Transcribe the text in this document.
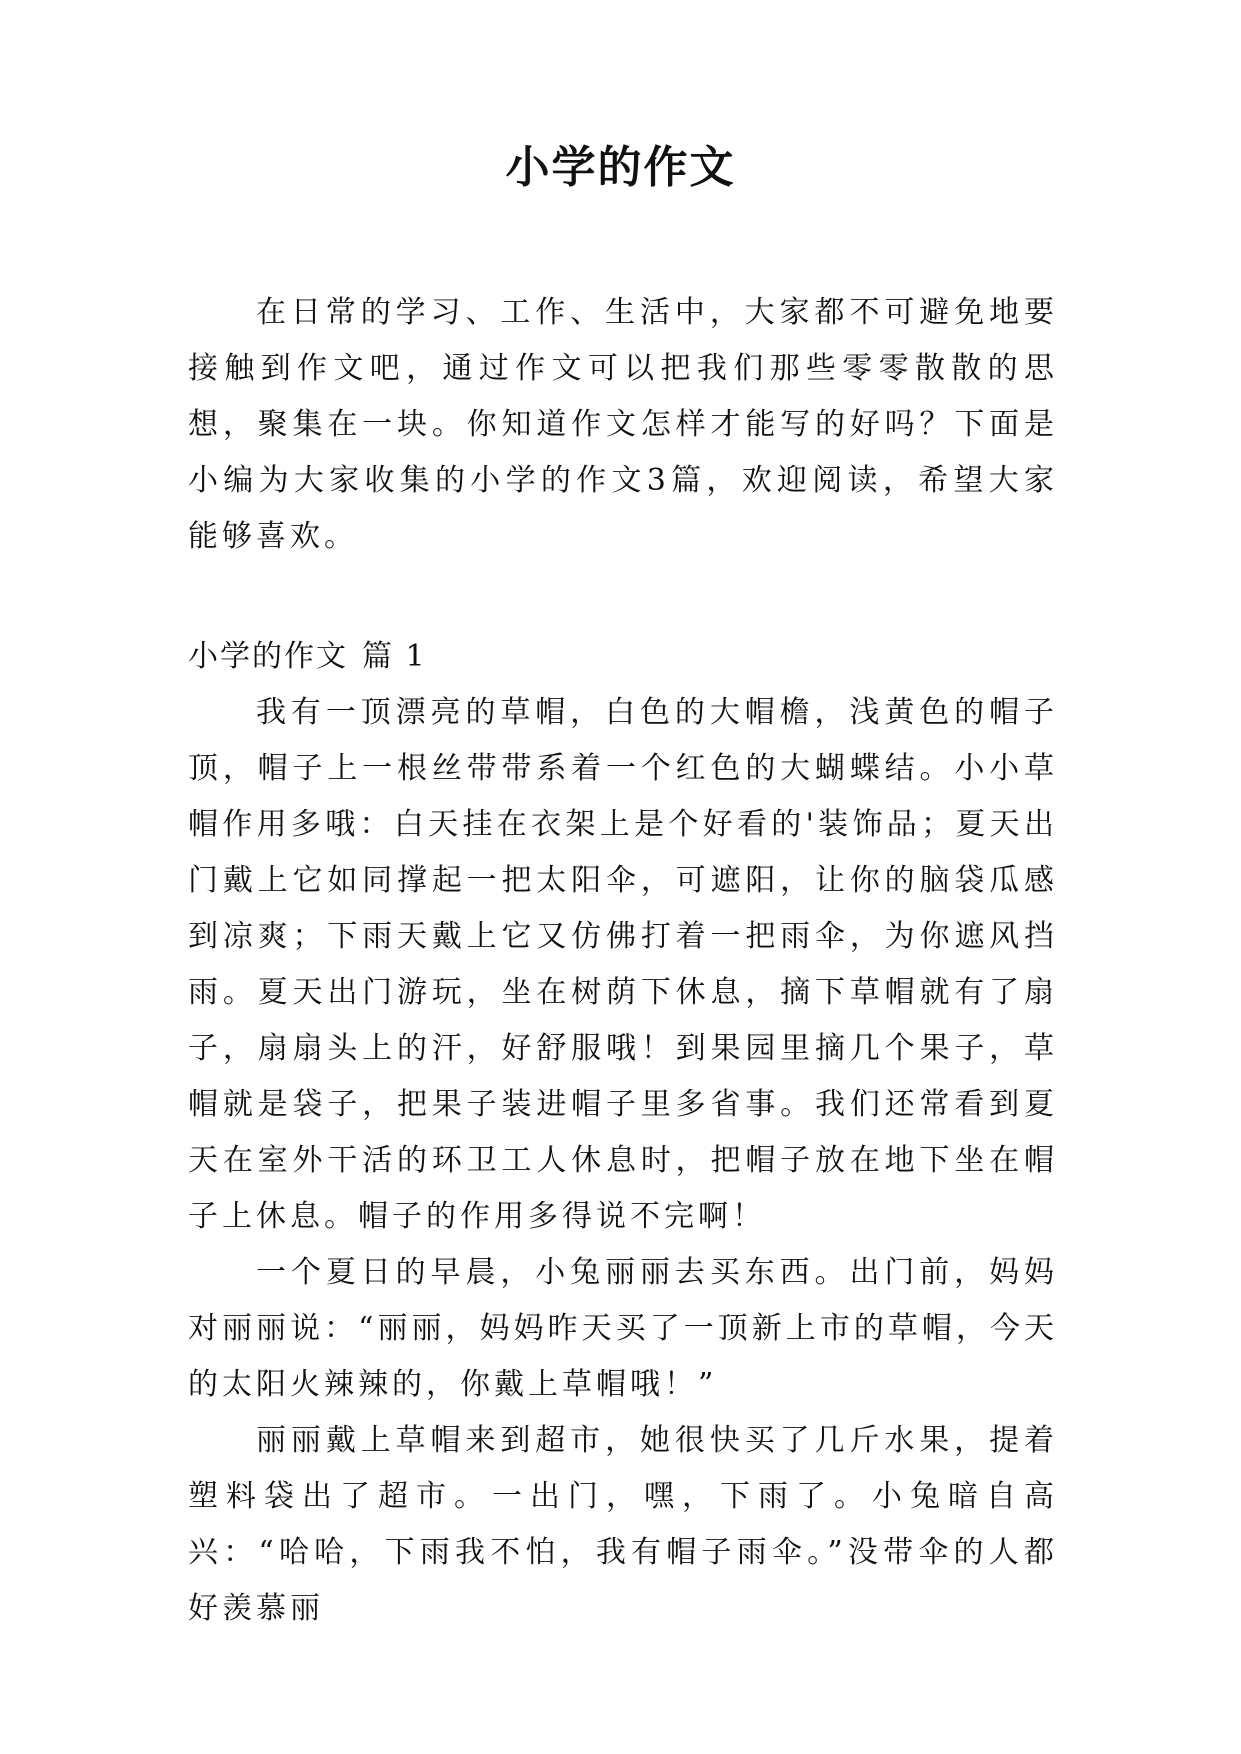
小学的作文

在日常的学习、工作、生活中，大家都不可避免地要接触到作文吧，通过作文可以把我们那些零零散散的思想，聚集在一块。你知道作文怎样才能写的好吗？下面是小编为大家收集的小学的作文3篇，欢迎阅读，希望大家能够喜欢。

小学的作文 篇 1

我有一顶漂亮的草帽，白色的大帽檐，浅黄色的帽子顶，帽子上一根丝带带系着一个红色的大蝴蝶结。小小草帽作用多哦：白天挂在衣架上是个好看的'装饰品；夏天出门戴上它如同撑起一把太阳伞，可遮阳，让你的脑袋瓜感到凉爽；下雨天戴上它又仿佛打着一把雨伞，为你遮风挡雨。夏天出门游玩，坐在树荫下休息，摘下草帽就有了扇子，扇扇头上的汗，好舒服哦！到果园里摘几个果子，草帽就是袋子，把果子装进帽子里多省事。我们还常看到夏天在室外干活的环卫工人休息时，把帽子放在地下坐在帽子上休息。帽子的作用多得说不完啊！

一个夏日的早晨，小兔丽丽去买东西。出门前，妈妈对丽丽说：“丽丽，妈妈昨天买了一顶新上市的草帽，今天的太阳火辣辣的，你戴上草帽哦！”

丽丽戴上草帽来到超市，她很快买了几斤水果，提着塑料袋出了超市。一出门，嘿，下雨了。小兔暗自高兴：“哈哈，下雨我不怕，我有帽子雨伞。”没带伞的人都好羡慕丽
